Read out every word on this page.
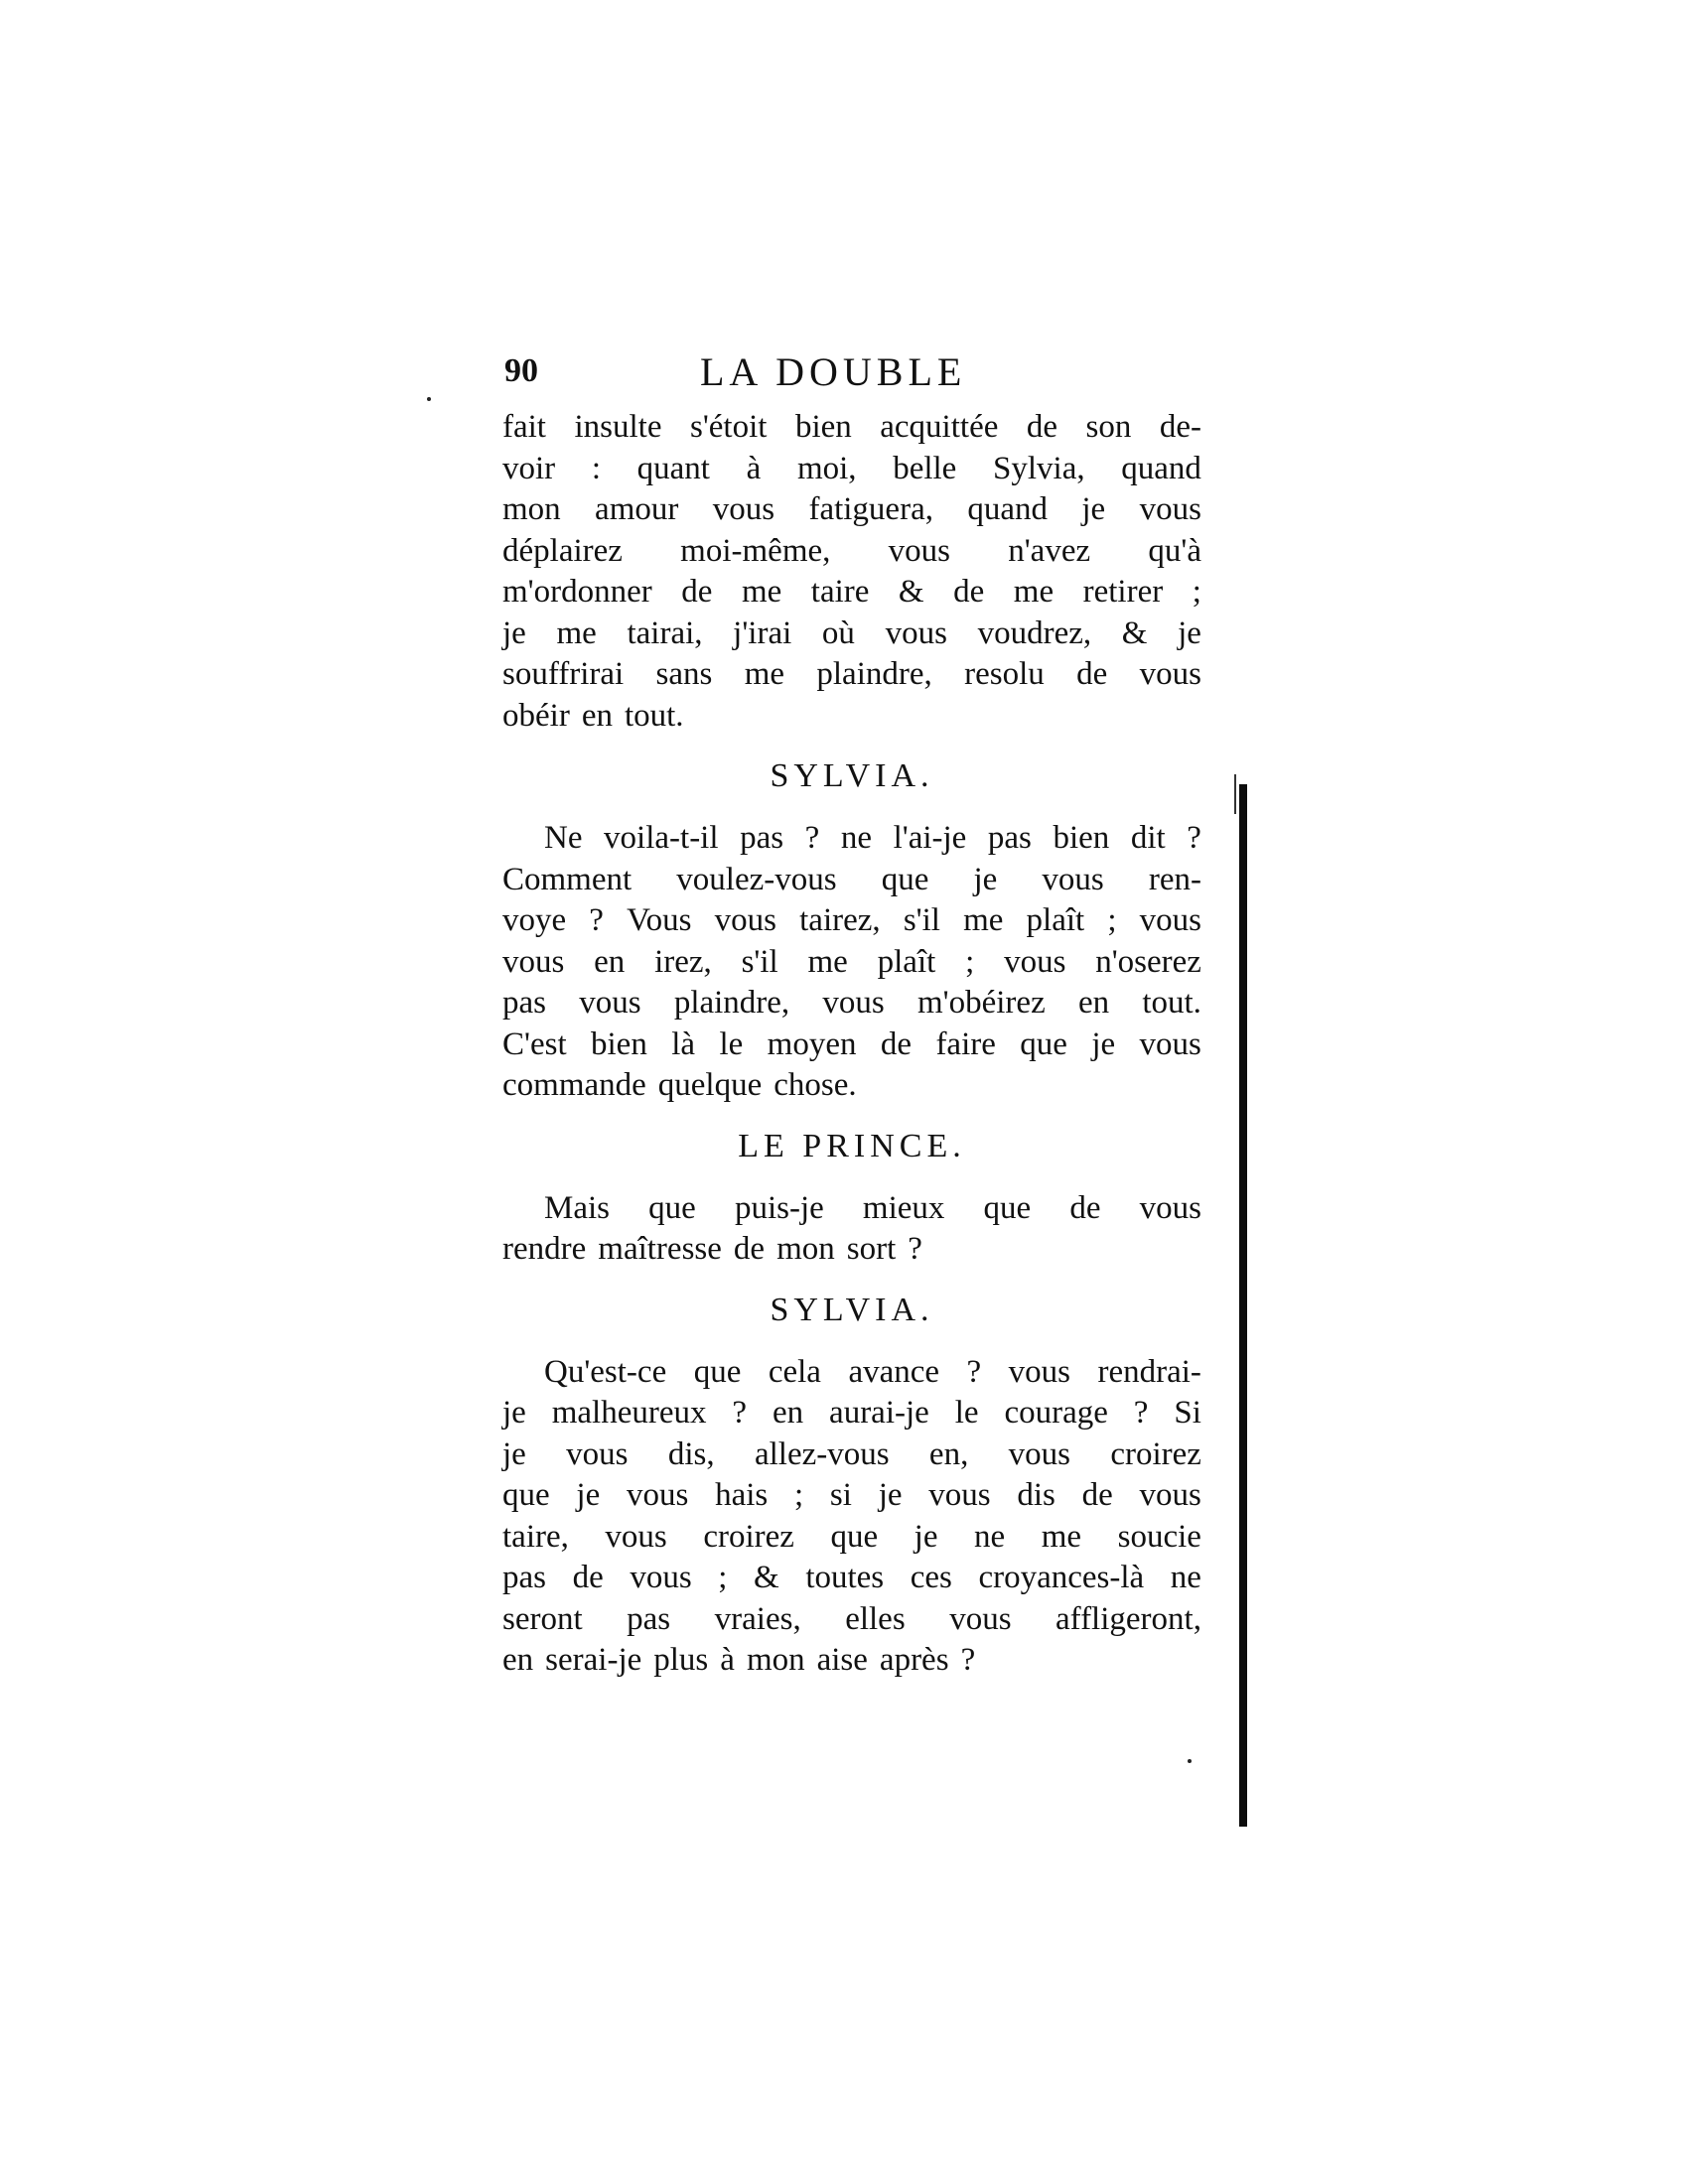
90	LA DOUBLE
fait insulte s'étoit bien acquittée de son de-
voir : quant à moi, belle Sylvia, quand
mon amour vous fatiguera, quand je vous
déplairez moi-même, vous n'avez qu'à
m'ordonner de me taire & de me retirer ;
je me tairai, j'irai où vous voudrez, & je
souffrirai sans me plaindre, resolu de vous
obéir en tout.
SYLVIA.
Ne voila-t-il pas ? ne l'ai-je pas bien dit ?
Comment voulez-vous que je vous ren-
voye ? Vous vous tairez, s'il me plaît ; vous
vous en irez, s'il me plaît ; vous n'oserez
pas vous plaindre, vous m'obéirez en tout.
C'est bien là le moyen de faire que je vous
commande quelque chose.
LE PRINCE.
Mais que puis-je mieux que de vous
rendre maîtresse de mon sort ?
SYLVIA.
Qu'est-ce que cela avance ? vous rendrai-
je malheureux ? en aurai-je le courage ? Si
je vous dis, allez-vous en, vous croirez
que je vous hais ; si je vous dis de vous
taire, vous croirez que je ne me soucie
pas de vous ; & toutes ces croyances-là ne
seront pas vraies, elles vous affligeront,
en serai-je plus à mon aise après ?
